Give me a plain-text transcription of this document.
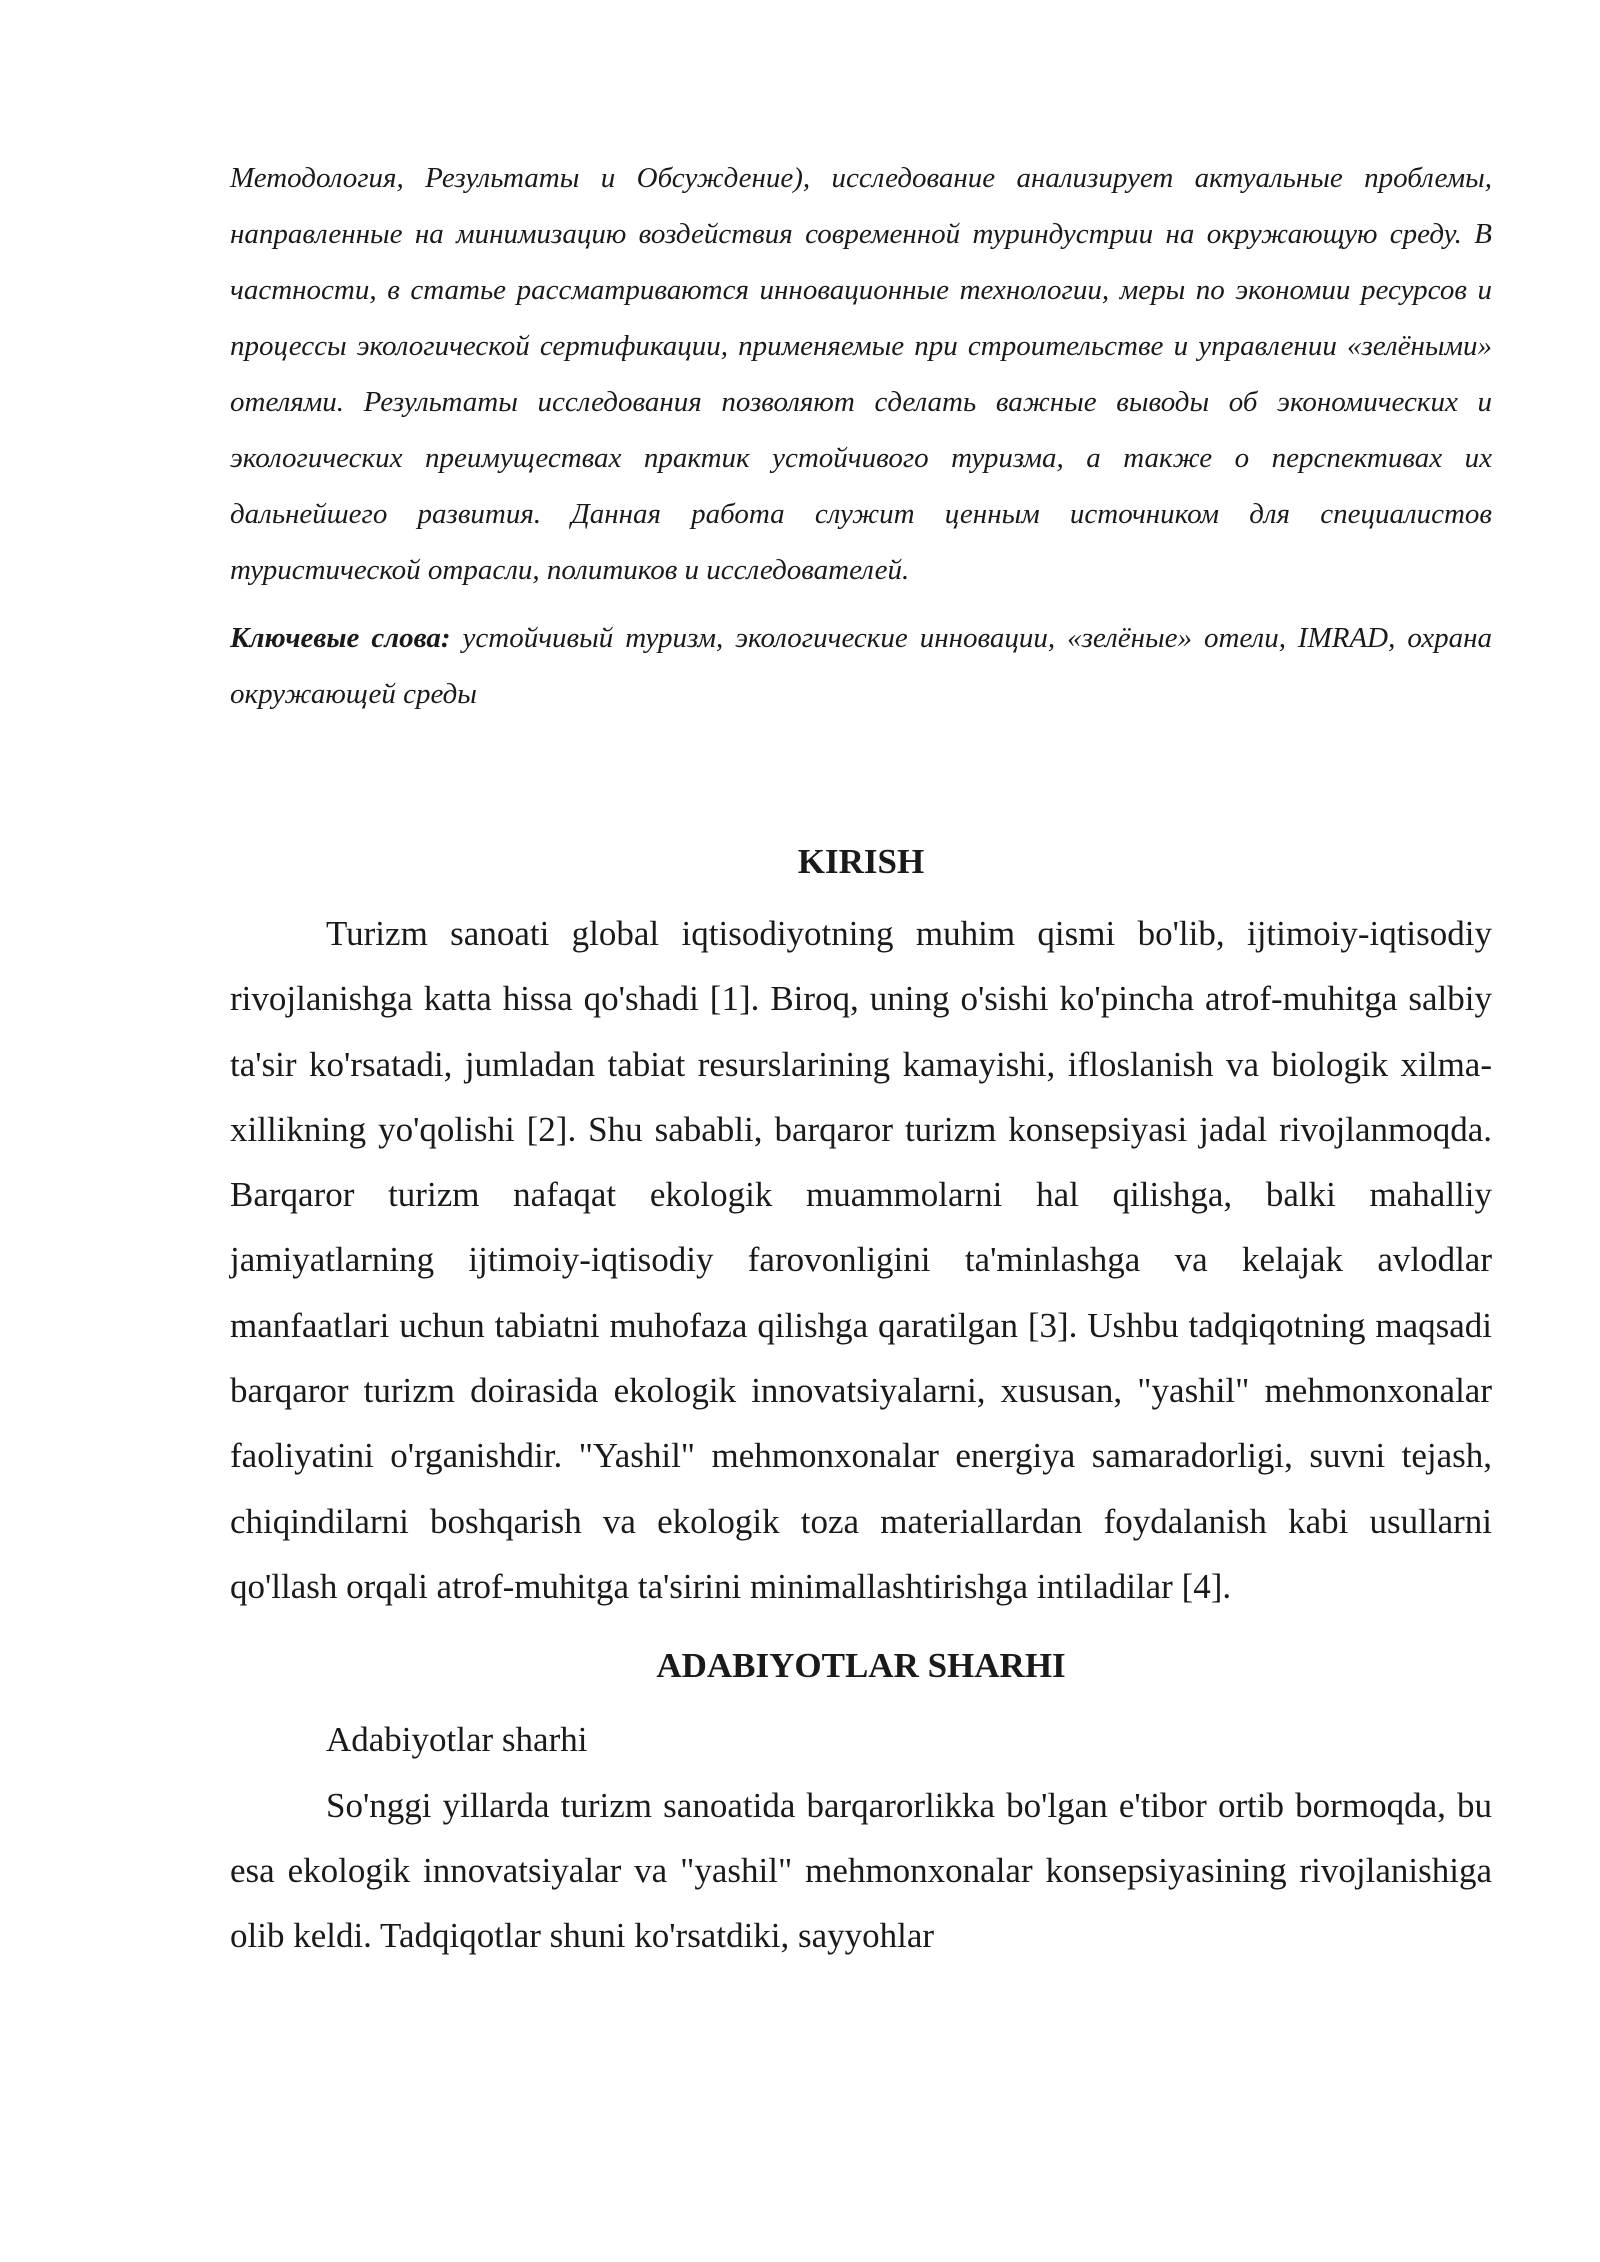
Методология, Результаты и Обсуждение), исследование анализирует актуальные проблемы, направленные на минимизацию воздействия современной туриндустрии на окружающую среду. В частности, в статье рассматриваются инновационные технологии, меры по экономии ресурсов и процессы экологической сертификации, применяемые при строительстве и управлении «зелёными» отелями. Результаты исследования позволяют сделать важные выводы об экономических и экологических преимуществах практик устойчивого туризма, а также о перспективах их дальнейшего развития. Данная работа служит ценным источником для специалистов туристической отрасли, политиков и исследователей.

Ключевые слова: устойчивый туризм, экологические инновации, «зелёные» отели, IMRAD, охрана окружающей среды

KIRISH

Turizm sanoati global iqtisodiyotning muhim qismi bo'lib, ijtimoiy-iqtisodiy rivojlanishga katta hissa qo'shadi [1]. Biroq, uning o'sishi ko'pincha atrof-muhitga salbiy ta'sir ko'rsatadi, jumladan tabiat resurslarining kamayishi, ifloslanish va biologik xilma-xillikning yo'qolishi [2]. Shu sababli, barqaror turizm konsepsiyasi jadal rivojlanmoqda. Barqaror turizm nafaqat ekologik muammolarni hal qilishga, balki mahalliy jamiyatlarning ijtimoiy-iqtisodiy farovonligini ta'minlashga va kelajak avlodlar manfaatlari uchun tabiatni muhofaza qilishga qaratilgan [3]. Ushbu tadqiqotning maqsadi barqaror turizm doirasida ekologik innovatsiyalarni, xususan, "yashil" mehmonxonalar faoliyatini o'rganishdir. "Yashil" mehmonxonalar energiya samaradorligi, suvni tejash, chiqindilarni boshqarish va ekologik toza materiallardan foydalanish kabi usullarni qo'llash orqali atrof-muhitga ta'sirini minimallashtirishga intiladilar [4].

ADABIYOTLAR SHARHI

Adabiyotlar sharhi

So'nggi yillarda turizm sanoatida barqarorlikka bo'lgan e'tibor ortib bormoqda, bu esa ekologik innovatsiyalar va "yashil" mehmonxonalar konsepsiyasining rivojlanishiga olib keldi. Tadqiqotlar shuni ko'rsatdiki, sayyohlar
